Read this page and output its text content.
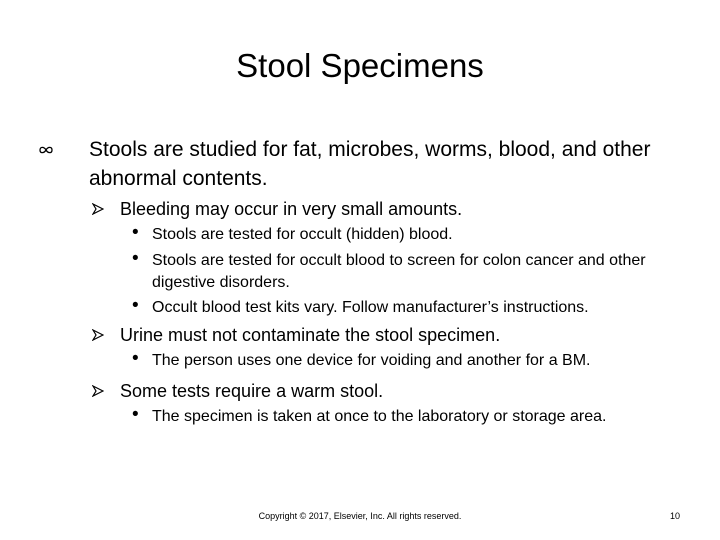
Stool Specimens
Stools are studied for fat, microbes, worms, blood, and other abnormal contents.
Bleeding may occur in very small amounts.
• Stools are tested for occult (hidden) blood.
• Stools are tested for occult blood to screen for colon cancer and other digestive disorders.
• Occult blood test kits vary. Follow manufacturer’s instructions.
Urine must not contaminate the stool specimen.
• The person uses one device for voiding and another for a BM.
Some tests require a warm stool.
• The specimen is taken at once to the laboratory or storage area.
Copyright © 2017, Elsevier, Inc. All rights reserved.	10
